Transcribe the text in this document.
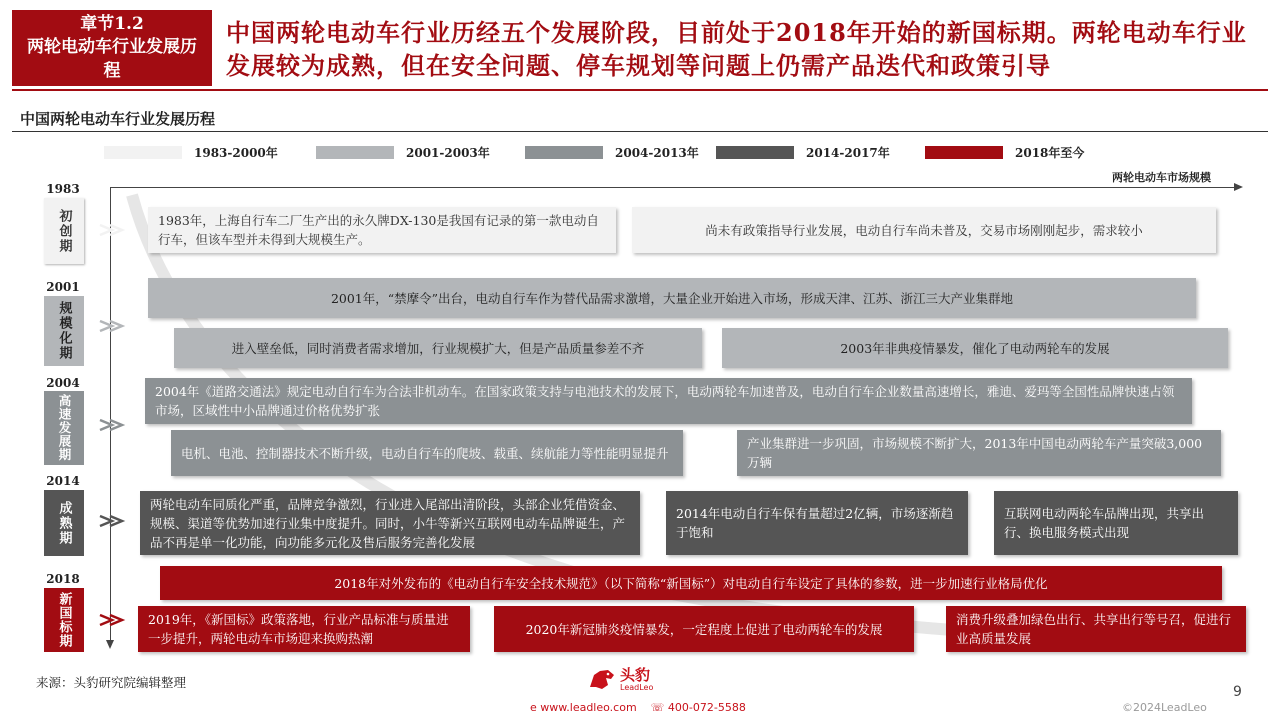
章节1.2
两轮电动车行业发展历程
中国两轮电动车行业历经五个发展阶段，目前处于2018年开始的新国标期。两轮电动车行业发展较为成熟，但在安全问题、停车规划等问题上仍需产品迭代和政策引导
中国两轮电动车行业发展历程
1983-2000年	2001-2003年	2004-2013年	2014-2017年	2018年至今
两轮电动车市场规模
1983
初创期
2001
规模化期
2004
高速发展期
2014
成熟期
2018
新国标期
1983年，上海自行车二厂生产出的永久牌DX-130是我国有记录的第一款电动自行车，但该车型并未得到大规模生产。
尚未有政策指导行业发展，电动自行车尚未普及，交易市场刚刚起步，需求较小
2001年，“禁摩令”出台，电动自行车作为替代品需求激增，大量企业开始进入市场，形成天津、江苏、浙江三大产业集群地
进入壁垒低，同时消费者需求增加，行业规模扩大，但是产品质量参差不齐	2003年非典疫情暴发，催化了电动两轮车的发展
2004年《道路交通法》规定电动自行车为合法非机动车。在国家政策支持与电池技术的发展下，电动两轮车加速普及，电动自行车企业数量高速增长，雅迪、爱玛等全国性品牌快速占领市场，区域性中小品牌通过价格优势扩张
电机、电池、控制器技术不断升级，电动自行车的爬坡、载重、续航能力等性能明显提升
产业集群进一步巩固，市场规模不断扩大，2013年中国电动两轮车产量突破3,000万辆
两轮电动车同质化严重，品牌竞争激烈，行业进入尾部出清阶段，头部企业凭借资金、规模、渠道等优势加速行业集中度提升。同时，小牛等新兴互联网电动车品牌诞生，产品不再是单一化功能，向功能多元化及售后服务完善化发展
2014年电动自行车保有量超过2亿辆，市场逐渐趋于饱和
互联网电动两轮车品牌出现，共享出行、换电服务模式出现
2018年对外发布的《电动自行车安全技术规范》（以下简称“新国标”）对电动自行车设定了具体的参数，进一步加速行业格局优化
2019年，《新国标》政策落地，行业产品标准与质量进一步提升，两轮电动车市场迎来换购热潮
2020年新冠肺炎疫情暴发，一定程度上促进了电动两轮车的发展
消费升级叠加绿色出行、共享出行等号召，促进行业高质量发展
来源：头豹研究院编辑整理	头豹
LeadLeo
e www.leadleo.com ☏ 400-072-5588
9
©2024LeadLeo
